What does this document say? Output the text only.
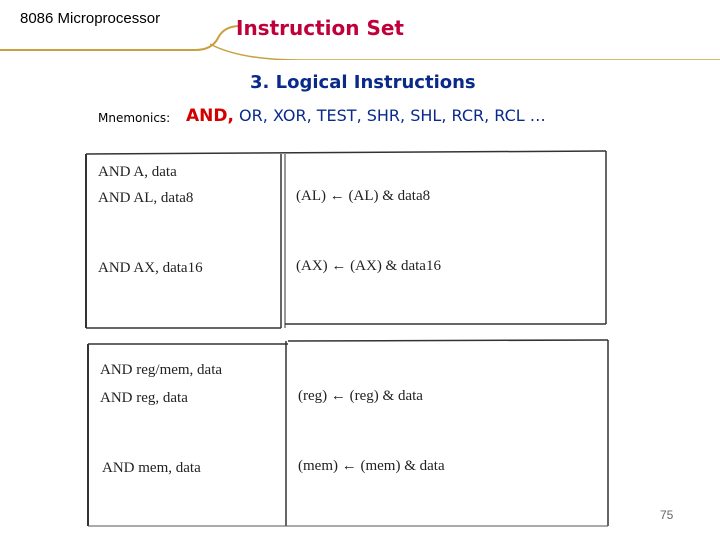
8086 Microprocessor	Instruction Set
3. Logical Instructions
Mnemonics: AND, OR, XOR, TEST, SHR, SHL, RCR, RCL …
AND A, data
AND AL, data8	(AL) ← (AL) & data8
AND AX, data16	(AX) ← (AX) & data16
AND reg/mem, data
AND reg, data	(reg) ← (reg) & data
AND mem, data	(mem) ← (mem) & data
75
